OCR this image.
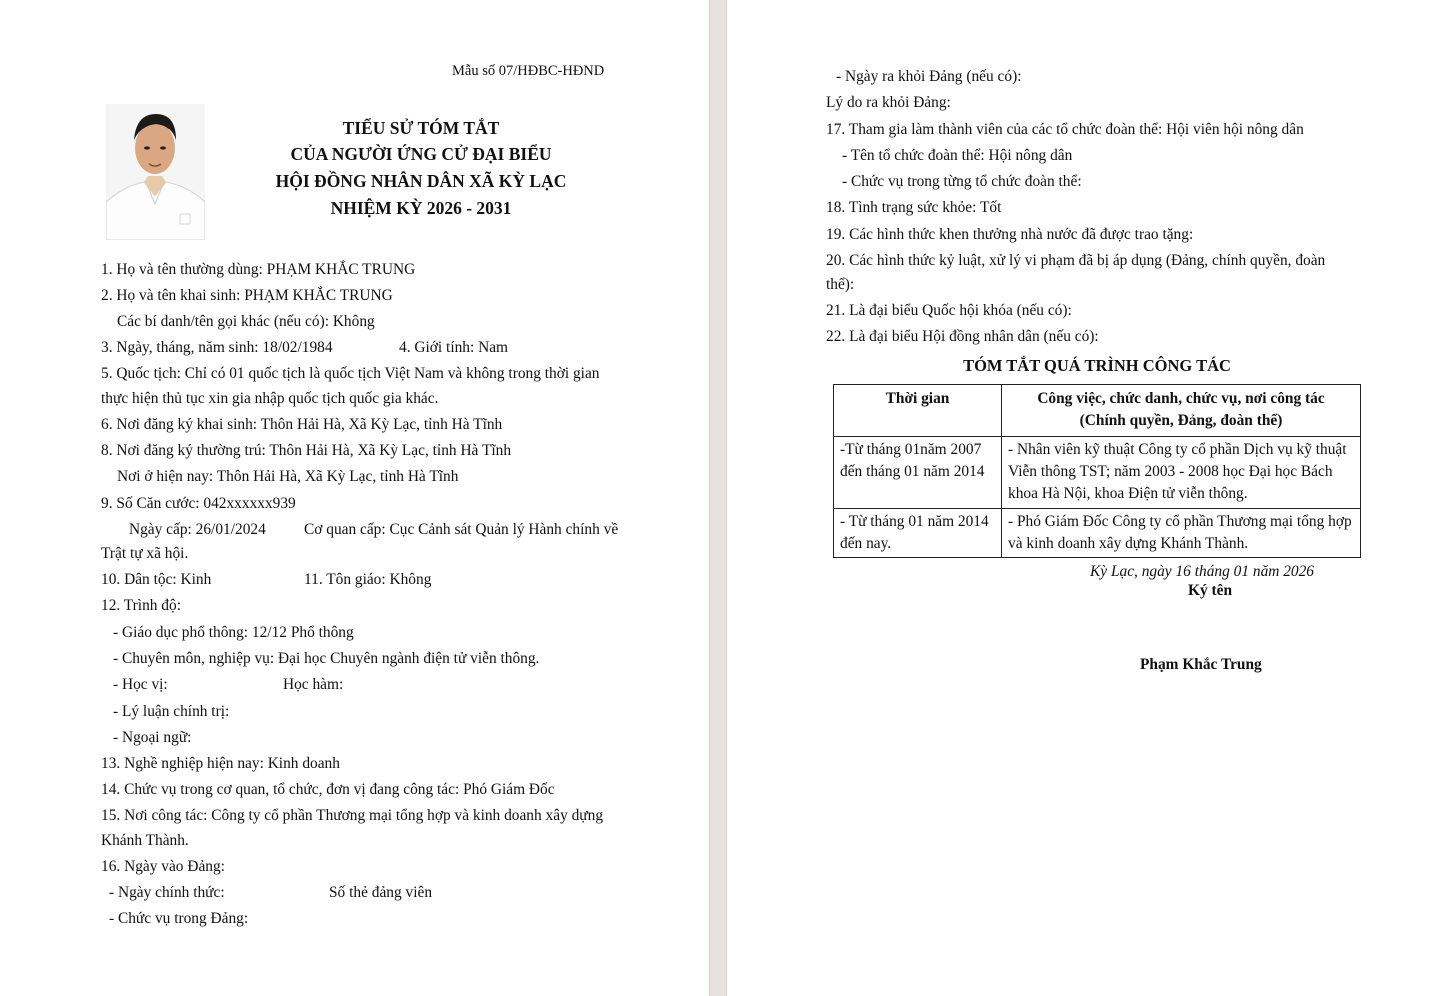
Mẫu số 07/HĐBC-HĐND
TIỂU SỬ TÓM TẮT
CỦA NGƯỜI ỨNG CỬ ĐẠI BIỂU
HỘI ĐỒNG NHÂN DÂN XÃ KỲ LẠC
NHIỆM KỲ 2026 - 2031
1. Họ và tên thường dùng: PHẠM KHẮC TRUNG
2. Họ và tên khai sinh: PHẠM KHẮC TRUNG
Các bí danh/tên gọi khác (nếu có): Không
3. Ngày, tháng, năm sinh: 18/02/1984	4. Giới tính: Nam
5. Quốc tịch: Chỉ có 01 quốc tịch là quốc tịch Việt Nam và không trong thời gian
thực hiện thủ tục xin gia nhập quốc tịch quốc gia khác.
6. Nơi đăng ký khai sinh: Thôn Hải Hà, Xã Kỳ Lạc, tỉnh Hà Tĩnh
8. Nơi đăng ký thường trú: Thôn Hải Hà, Xã Kỳ Lạc, tỉnh Hà Tĩnh
Nơi ở hiện nay: Thôn Hải Hà, Xã Kỳ Lạc, tỉnh Hà Tĩnh
9. Số Căn cước: 042xxxxxx939
Ngày cấp: 26/01/2024 Cơ quan cấp: Cục Cảnh sát Quản lý Hành chính về
Trật tự xã hội.
10. Dân tộc: Kinh	11. Tôn giáo: Không
12. Trình độ:
- Giáo dục phổ thông: 12/12 Phổ thông
- Chuyên môn, nghiệp vụ: Đại học Chuyên ngành điện tử viễn thông.
- Học vị:	Học hàm:
- Lý luận chính trị:
- Ngoại ngữ:
13. Nghề nghiệp hiện nay: Kinh doanh
14. Chức vụ trong cơ quan, tổ chức, đơn vị đang công tác: Phó Giám Đốc
15. Nơi công tác: Công ty cổ phần Thương mại tổng hợp và kinh doanh xây dựng
Khánh Thành.
16. Ngày vào Đảng:
- Ngày chính thức:	Số thẻ đảng viên
- Chức vụ trong Đảng:
- Ngày ra khỏi Đảng (nếu có):
Lý do ra khỏi Đảng:
17. Tham gia làm thành viên của các tổ chức đoàn thể: Hội viên hội nông dân
- Tên tổ chức đoàn thể: Hội nông dân
- Chức vụ trong từng tổ chức đoàn thể:
18. Tình trạng sức khỏe: Tốt
19. Các hình thức khen thưởng nhà nước đã được trao tặng:
20. Các hình thức kỷ luật, xử lý vi phạm đã bị áp dụng (Đảng, chính quyền, đoàn
thể):
21. Là đại biểu Quốc hội khóa (nếu có):
22. Là đại biểu Hội đồng nhân dân (nếu có):
TÓM TẮT QUÁ TRÌNH CÔNG TÁC
Thời gian	Công việc, chức danh, chức vụ, nơi công tác
(Chính quyền, Đảng, đoàn thể)

-Từ tháng 01năm 2007 đến tháng 01 năm 2014	- Nhân viên kỹ thuật Công ty cổ phần Dịch vụ kỹ thuật Viễn thông TST; năm 2003 - 2008 học Đại học Bách khoa Hà Nội, khoa Điện tử viễn thông.
- Từ tháng 01 năm 2014 đến nay.	- Phó Giám Đốc Công ty cổ phần Thương mại tổng hợp và kinh doanh xây dựng Khánh Thành.
Kỳ Lạc, ngày 16 tháng 01 năm 2026
Ký tên
Phạm Khắc Trung
